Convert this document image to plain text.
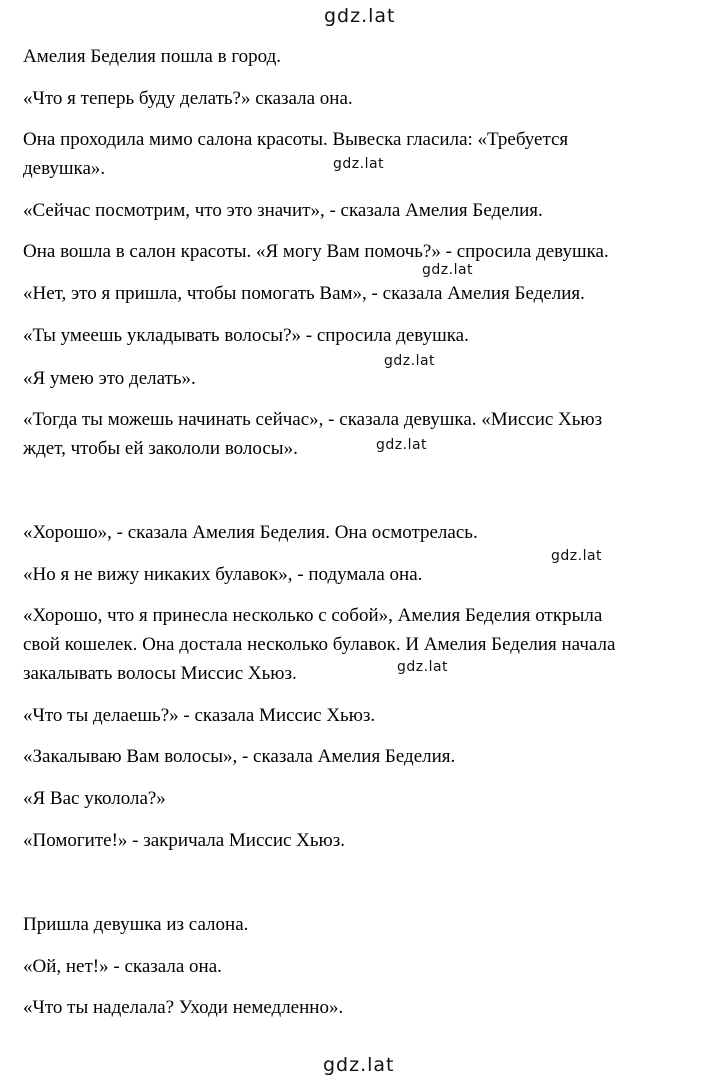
gdz.lat

Амелия Беделия пошла в город.

«Что я теперь буду делать?» сказала она.

Она проходила мимо салона красоты. Вывеска гласила: «Требуется
девушка».

«Сейчас посмотрим, что это значит», - сказала Амелия Беделия.

Она вошла в салон красоты. «Я могу Вам помочь?» - спросила девушка.

«Нет, это я пришла, чтобы помогать Вам», - сказала Амелия Беделия.

«Ты умеешь укладывать волосы?» - спросила девушка.

«Я умею это делать».

«Тогда ты можешь начинать сейчас», - сказала девушка. «Миссис Хьюз
ждет, чтобы ей закололи волосы».

«Хорошо», - сказала Амелия Беделия. Она осмотрелась.

«Но я не вижу никаких булавок», - подумала она.

«Хорошо, что я принесла несколько с собой», Амелия Беделия открыла
свой кошелек. Она достала несколько булавок. И Амелия Беделия начала
закалывать волосы Миссис Хьюз.

«Что ты делаешь?» - сказала Миссис Хьюз.

«Закалываю Вам волосы», - сказала Амелия Беделия.

«Я Вас уколола?»

«Помогите!» - закричала Миссис Хьюз.

Пришла девушка из салона.

«Ой, нет!» - сказала она.

«Что ты наделала? Уходи немедленно».

gdz.lat
gdz.lat
gdz.lat
gdz.lat
gdz.lat
gdz.lat
gdz.lat
